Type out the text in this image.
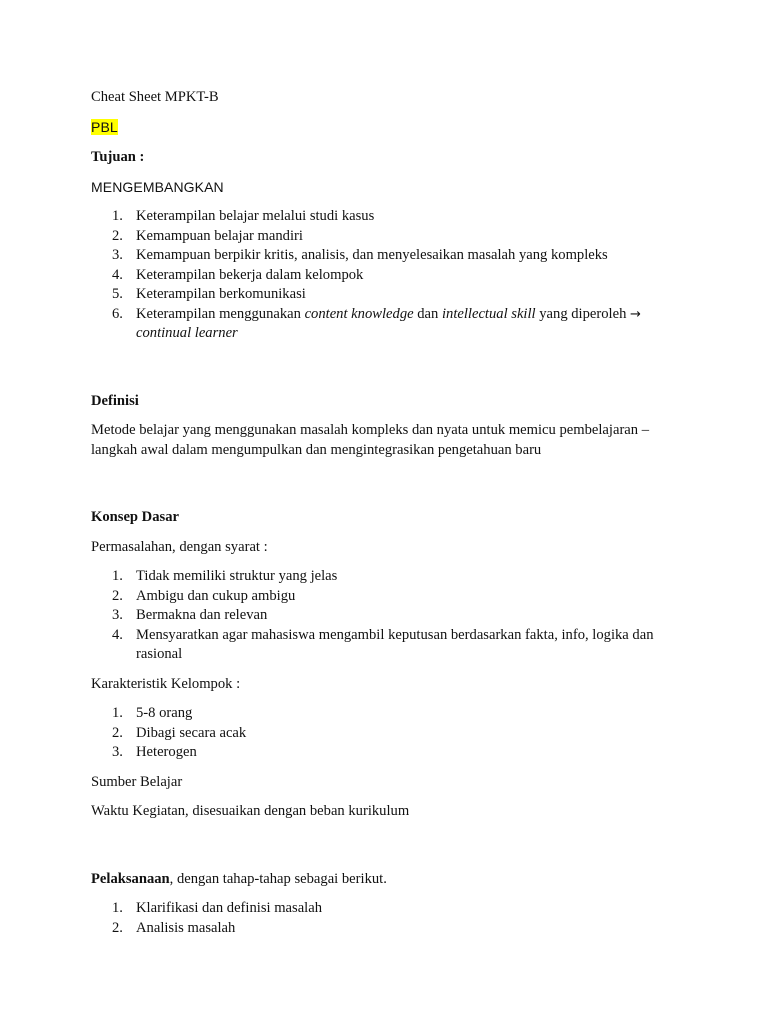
Cheat Sheet MPKT-B

PBL

Tujuan :

MENGEMBANGKAN

1. Keterampilan belajar melalui studi kasus
2. Kemampuan belajar mandiri
3. Kemampuan berpikir kritis, analisis, dan menyelesaikan masalah yang kompleks
4. Keterampilan bekerja dalam kelompok
5. Keterampilan berkomunikasi
6. Keterampilan menggunakan content knowledge dan intellectual skill yang diperoleh →
continual learner

Definisi

Metode belajar yang menggunakan masalah kompleks dan nyata untuk memicu pembelajaran –
langkah awal dalam mengumpulkan dan mengintegrasikan pengetahuan baru

Konsep Dasar

Permasalahan, dengan syarat :

1. Tidak memiliki struktur yang jelas
2. Ambigu dan cukup ambigu
3. Bermakna dan relevan
4. Mensyaratkan agar mahasiswa mengambil keputusan berdasarkan fakta, info, logika dan
rasional

Karakteristik Kelompok :

1. 5-8 orang
2. Dibagi secara acak
3. Heterogen

Sumber Belajar

Waktu Kegiatan, disesuaikan dengan beban kurikulum

Pelaksanaan, dengan tahap-tahap sebagai berikut.

1. Klarifikasi dan definisi masalah
2. Analisis masalah
